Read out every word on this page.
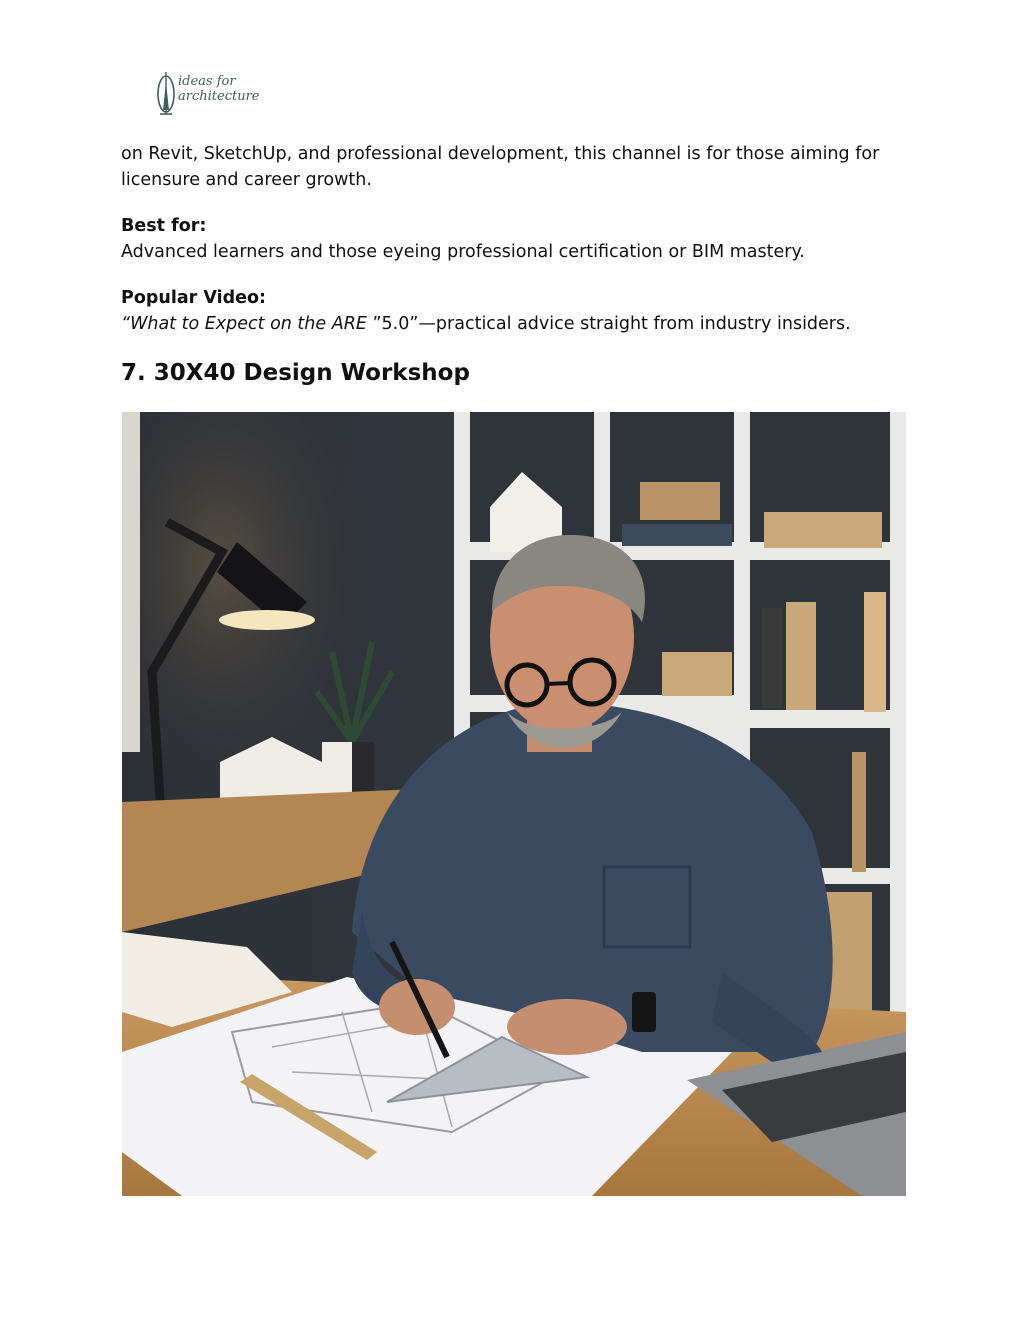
ideas for
architecture

on Revit, SketchUp, and professional development, this channel is for those aiming for licensure and career growth.

Best for:

Advanced learners and those eyeing professional certification or BIM mastery.

Popular Video:

“What to Expect on the ARE ”5.0”—practical advice straight from industry insiders.

7. 30X40 Design Workshop
